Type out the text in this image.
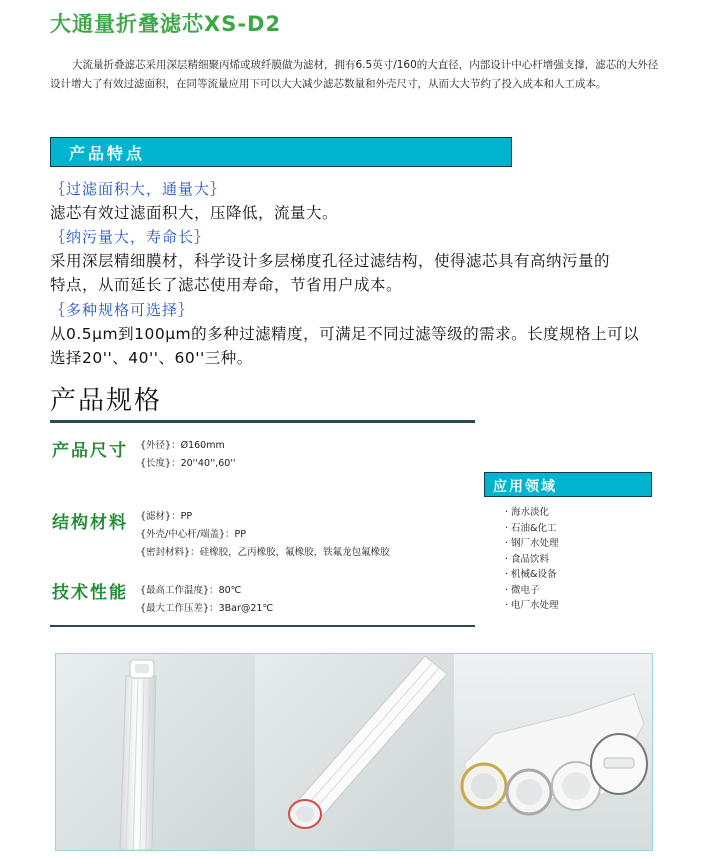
大通量折叠滤芯XS-D2
大流量折叠滤芯采用深层精细聚丙烯或玻纤膜做为滤材，拥有6.5英寸/160的大直径，内部设计中心杆增强支撑，滤芯的大外径设计增大了有效过滤面积，在同等流量应用下可以大大减少滤芯数量和外壳尺寸，从而大大节约了投入成本和人工成本。
产品特点
｛过滤面积大，通量大｝
滤芯有效过滤面积大，压降低，流量大。
｛纳污量大，寿命长｝
采用深层精细膜材，科学设计多层梯度孔径过滤结构，使得滤芯具有高纳污量的特点，从而延长了滤芯使用寿命，节省用户成本。
｛多种规格可选择｝
从0.5μm到100μm的多种过滤精度，可满足不同过滤等级的需求。长度规格上可以选择20''、40''、60''三种。
产品规格
产品尺寸 {外径}：Ø160mm
{长度}：20''40'',60''
结构材料 {滤材}：PP
{外壳/中心杆/端盖}：PP
{密封材料}：硅橡胶，乙丙橡胶，氟橡胶，铁氟龙包氟橡胶
技术性能 {最高工作温度}：80℃
{最大工作压差}：3Bar@21℃
应用领域
· 海水淡化
· 石油&化工
· 钢厂水处理
· 食品饮料
· 机械&设备
· 微电子
· 电厂水处理
